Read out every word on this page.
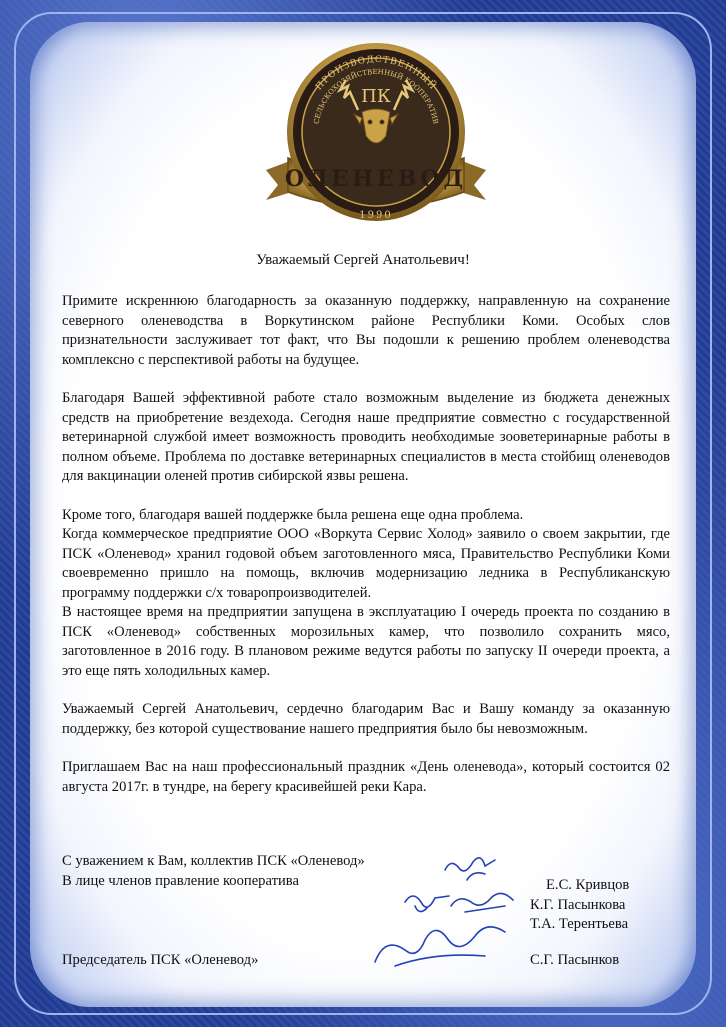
ПРОИЗВОДСТВЕННЫЙ
СЕЛЬСКОХОЗЯЙСТВЕННЫЙ КООПЕРАТИВ
ПК
ОЛЕНЕВОД
1990
Уважаемый Сергей Анатольевич!

Примите искреннюю благодарность за оказанную поддержку, направленную на сохранение северного оленеводства в Воркутинском районе Республики Коми. Особых слов признательности заслуживает тот факт, что Вы подошли к решению проблем оленеводства комплексно с перспективой работы на будущее.

Благодаря Вашей эффективной работе стало возможным выделение из бюджета денежных средств на приобретение вездехода. Сегодня наше предприятие совместно с государственной ветеринарной службой имеет возможность проводить необходимые зооветеринарные работы в полном объеме. Проблема по доставке ветеринарных специалистов в места стойбищ оленеводов для вакцинации оленей против сибирской язвы решена.

Кроме того, благодаря вашей поддержке была решена еще одна проблема.

Когда коммерческое предприятие ООО «Воркута Сервис Холод» заявило о своем закрытии, где ПСК «Оленевод» хранил годовой объем заготовленного мяса, Правительство Республики Коми своевременно пришло на помощь, включив модернизацию ледника в Республиканскую программу поддержки с/х товаропроизводителей.

В настоящее время на предприятии запущена в эксплуатацию I очередь проекта по созданию в ПСК «Оленевод» собственных морозильных камер, что позволило сохранить мясо, заготовленное в 2016 году. В плановом режиме ведутся работы по запуску II очереди проекта, а это еще пять холодильных камер.

Уважаемый Сергей Анатольевич, сердечно благодарим Вас и Вашу команду за оказанную поддержку, без которой существование нашего предприятия было бы невозможным.

Приглашаем Вас на наш профессиональный праздник «День оленевода», который состоится 02 августа 2017г. в тундре, на берегу красивейшей реки Кара.

С уважением к Вам, коллектив ПСК «Оленевод»
В лице членов правление кооператива	Е.С. Кривцов
К.Г. Пасынкова
Т.А. Терентьева
Председатель ПСК «Оленевод»	С.Г. Пасынков
